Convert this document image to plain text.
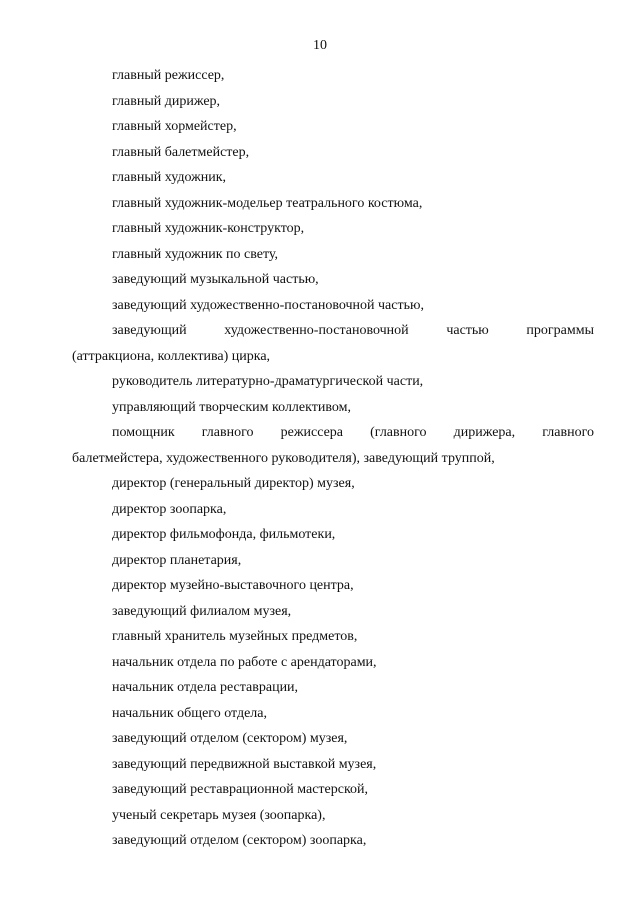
10

главный режиссер,

главный дирижер,

главный хормейстер,

главный балетмейстер,

главный художник,

главный художник-модельер театрального костюма,

главный художник-конструктор,

главный художник по свету,

заведующий музыкальной частью,

заведующий художественно-постановочной частью,

заведующий художественно-постановочной частью программы

(аттракциона, коллектива) цирка,

руководитель литературно-драматургической части,

управляющий творческим коллективом,

помощник главного режиссера (главного дирижера, главного

балетмейстера, художественного руководителя), заведующий труппой,

директор (генеральный директор) музея,

директор зоопарка,

директор фильмофонда, фильмотеки,

директор планетария,

директор музейно-выставочного центра,

заведующий филиалом музея,

главный хранитель музейных предметов,

начальник отдела по работе с арендаторами,

начальник отдела реставрации,

начальник общего отдела,

заведующий отделом (сектором) музея,

заведующий передвижной выставкой музея,

заведующий реставрационной мастерской,

ученый секретарь музея (зоопарка),

заведующий отделом (сектором) зоопарка,
